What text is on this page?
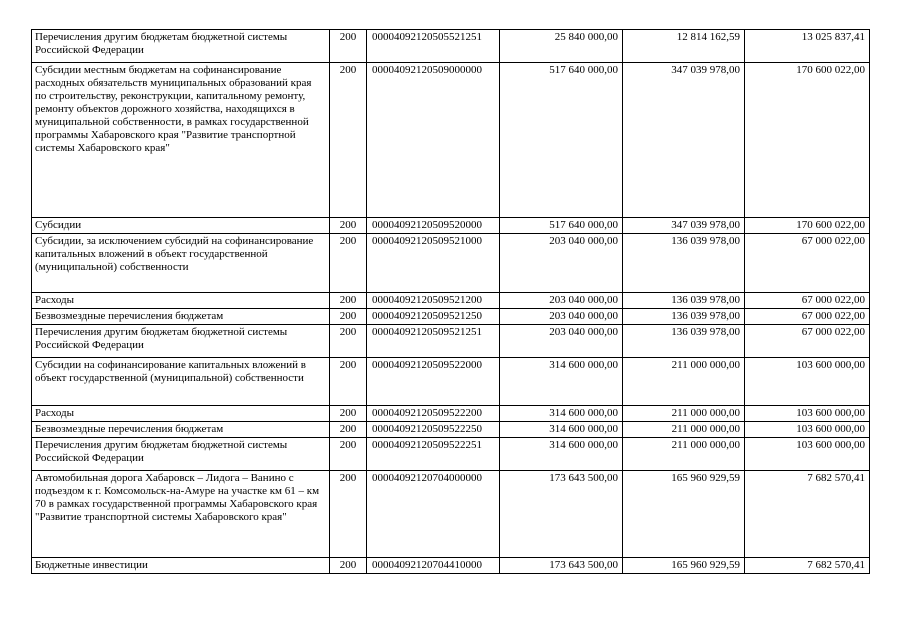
Перечисления другим бюджетам бюджетной системы Российской Федерации	200	00004092120505521251	25 840 000,00	12 814 162,59	13 025 837,41
Субсидии местным бюджетам на софинансирование расходных обязательств муниципальных образований края по строительству, реконструкции, капитальному ремонту, ремонту объектов дорожного хозяйства, находящихся в муниципальной собственности, в рамках государственной программы Хабаровского края "Развитие транспортной системы Хабаровского края"	200	00004092120509000000	517 640 000,00	347 039 978,00	170 600 022,00
Субсидии	200	00004092120509520000	517 640 000,00	347 039 978,00	170 600 022,00
Субсидии, за исключением субсидий на софинансирование капитальных вложений в объект государственной (муниципальной) собственности	200	00004092120509521000	203 040 000,00	136 039 978,00	67 000 022,00
Расходы	200	00004092120509521200	203 040 000,00	136 039 978,00	67 000 022,00
Безвозмездные перечисления бюджетам	200	00004092120509521250	203 040 000,00	136 039 978,00	67 000 022,00
Перечисления другим бюджетам бюджетной системы Российской Федерации	200	00004092120509521251	203 040 000,00	136 039 978,00	67 000 022,00
Субсидии на софинансирование капитальных вложений в объект государственной (муниципальной) собственности	200	00004092120509522000	314 600 000,00	211 000 000,00	103 600 000,00
Расходы	200	00004092120509522200	314 600 000,00	211 000 000,00	103 600 000,00
Безвозмездные перечисления бюджетам	200	00004092120509522250	314 600 000,00	211 000 000,00	103 600 000,00
Перечисления другим бюджетам бюджетной системы Российской Федерации	200	00004092120509522251	314 600 000,00	211 000 000,00	103 600 000,00
Автомобильная дорога Хабаровск – Лидога – Ванино с подъездом к г. Комсомольск-на-Амуре на участке км 61 – км 70 в рамках государственной программы Хабаровского края "Развитие транспортной системы Хабаровского края"	200	00004092120704000000	173 643 500,00	165 960 929,59	7 682 570,41
Бюджетные инвестиции	200	00004092120704410000	173 643 500,00	165 960 929,59	7 682 570,41
